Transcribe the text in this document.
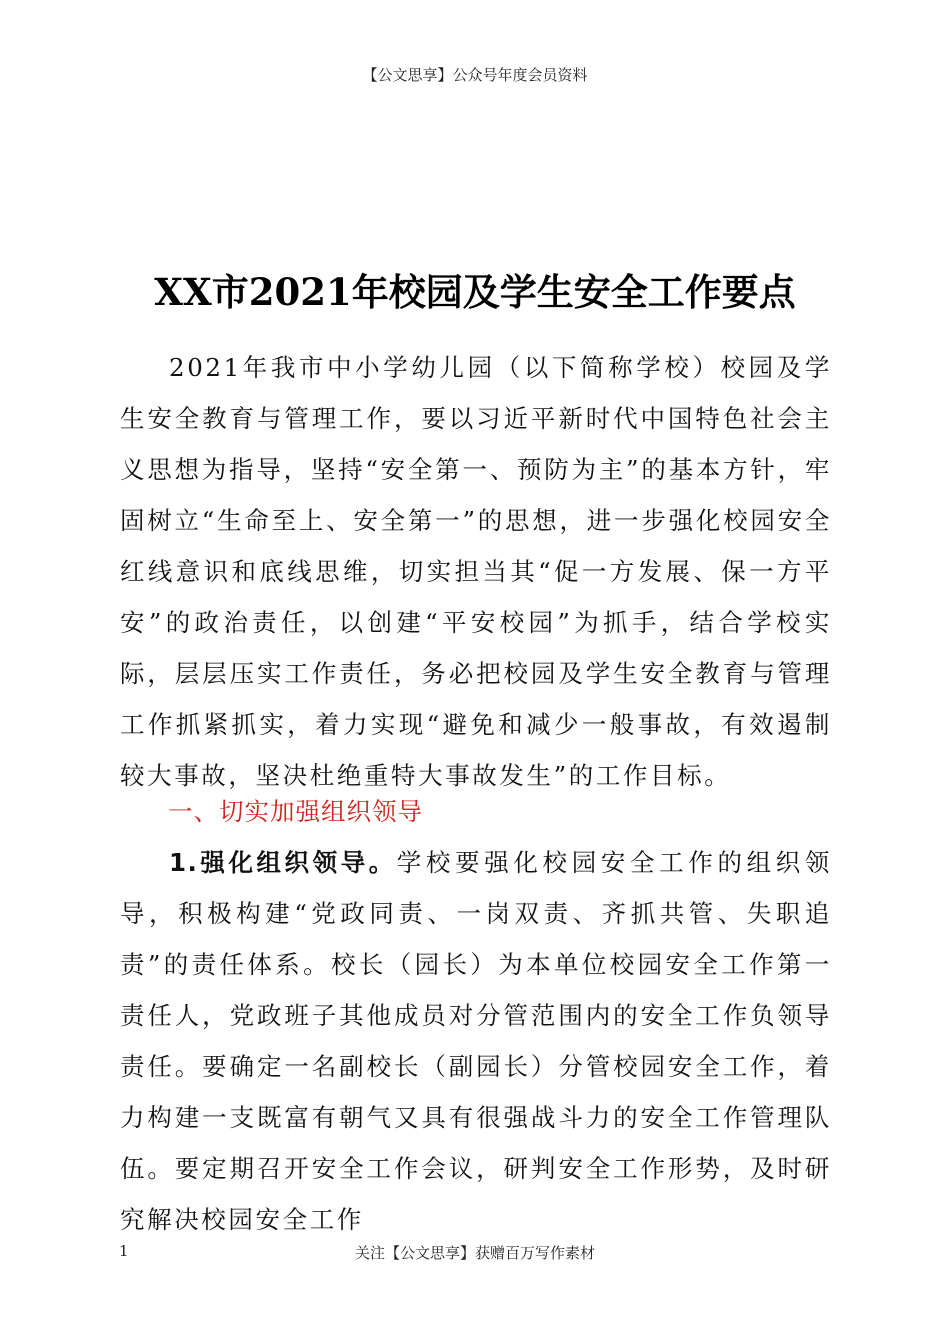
【公文思享】公众号年度会员资料
XX市2021年校园及学生安全工作要点
2021年我市中小学幼儿园（以下简称学校）校园及学生安全教育与管理工作，要以习近平新时代中国特色社会主义思想为指导，坚持“安全第一、预防为主”的基本方针，牢固树立“生命至上、安全第一”的思想，进一步强化校园安全红线意识和底线思维，切实担当其“促一方发展、保一方平安”的政治责任，以创建“平安校园”为抓手，结合学校实际，层层压实工作责任，务必把校园及学生安全教育与管理工作抓紧抓实，着力实现“避免和减少一般事故，有效遏制较大事故，坚决杜绝重特大事故发生”的工作目标。
一、切实加强组织领导
1.强化组织领导。学校要强化校园安全工作的组织领导，积极构建“党政同责、一岗双责、齐抓共管、失职追责”的责任体系。校长（园长）为本单位校园安全工作第一责任人，党政班子其他成员对分管范围内的安全工作负领导责任。要确定一名副校长（副园长）分管校园安全工作，着力构建一支既富有朝气又具有很强战斗力的安全工作管理队伍。要定期召开安全工作会议，研判安全工作形势，及时研究解决校园安全工作
1	关注【公文思享】获赠百万写作素材
